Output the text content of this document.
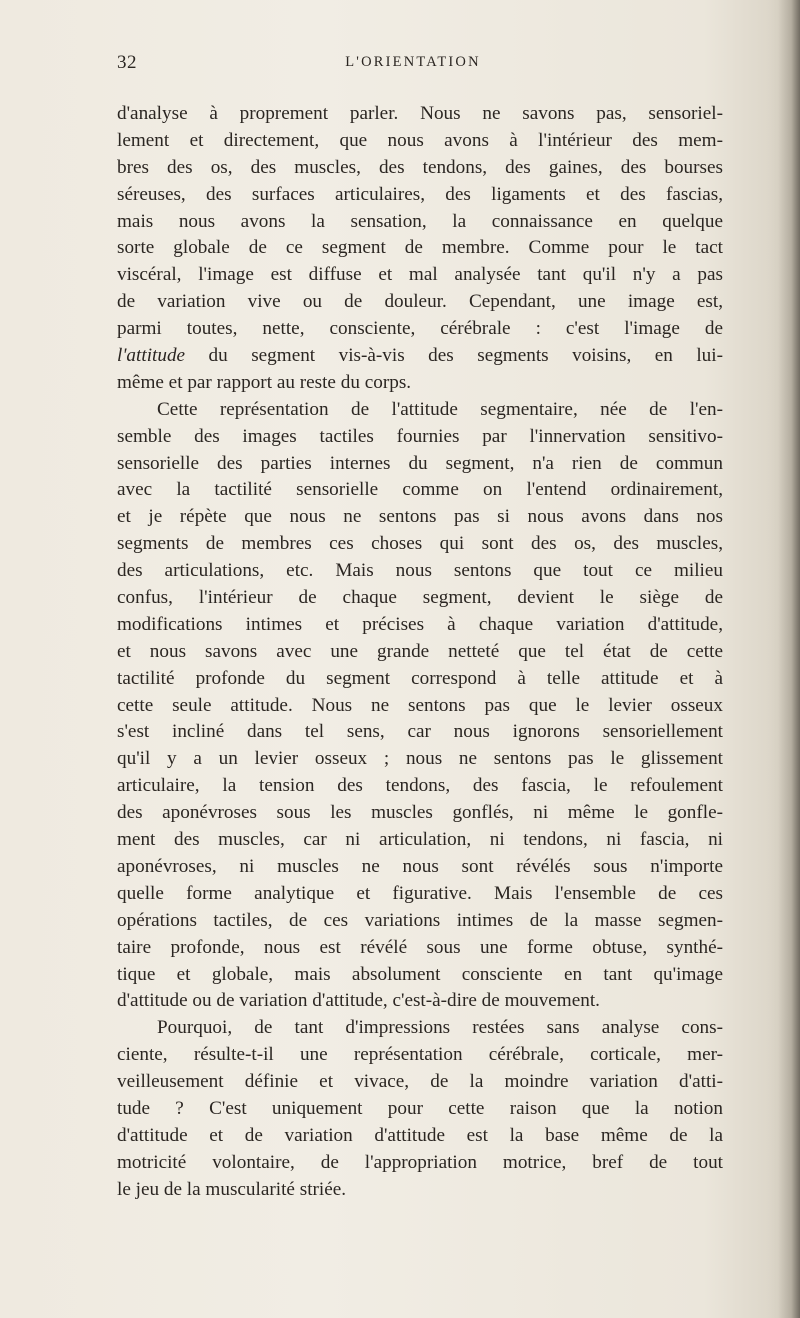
32	L'ORIENTATION
d'analyse à proprement parler. Nous ne savons pas, sensoriel-
lement et directement, que nous avons à l'intérieur des mem-
bres des os, des muscles, des tendons, des gaines, des bourses
séreuses, des surfaces articulaires, des ligaments et des fascias,
mais nous avons la sensation, la connaissance en quelque
sorte globale de ce segment de membre. Comme pour le tact
viscéral, l'image est diffuse et mal analysée tant qu'il n'y a pas
de variation vive ou de douleur. Cependant, une image est,
parmi toutes, nette, consciente, cérébrale : c'est l'image de
l'attitude du segment vis-à-vis des segments voisins, en lui-
même et par rapport au reste du corps.
Cette représentation de l'attitude segmentaire, née de l'en-
semble des images tactiles fournies par l'innervation sensitivo-
sensorielle des parties internes du segment, n'a rien de commun
avec la tactilité sensorielle comme on l'entend ordinairement,
et je répète que nous ne sentons pas si nous avons dans nos
segments de membres ces choses qui sont des os, des muscles,
des articulations, etc. Mais nous sentons que tout ce milieu
confus, l'intérieur de chaque segment, devient le siège de
modifications intimes et précises à chaque variation d'attitude,
et nous savons avec une grande netteté que tel état de cette
tactilité profonde du segment correspond à telle attitude et à
cette seule attitude. Nous ne sentons pas que le levier osseux
s'est incliné dans tel sens, car nous ignorons sensoriellement
qu'il y a un levier osseux ; nous ne sentons pas le glissement
articulaire, la tension des tendons, des fascia, le refoulement
des aponévroses sous les muscles gonflés, ni même le gonfle-
ment des muscles, car ni articulation, ni tendons, ni fascia, ni
aponévroses, ni muscles ne nous sont révélés sous n'importe
quelle forme analytique et figurative. Mais l'ensemble de ces
opérations tactiles, de ces variations intimes de la masse segmen-
taire profonde, nous est révélé sous une forme obtuse, synthé-
tique et globale, mais absolument consciente en tant qu'image
d'attitude ou de variation d'attitude, c'est-à-dire de mouvement.
Pourquoi, de tant d'impressions restées sans analyse cons-
ciente, résulte-t-il une représentation cérébrale, corticale, mer-
veilleusement définie et vivace, de la moindre variation d'atti-
tude ? C'est uniquement pour cette raison que la notion
d'attitude et de variation d'attitude est la base même de la
motricité volontaire, de l'appropriation motrice, bref de tout
le jeu de la muscularité striée.
